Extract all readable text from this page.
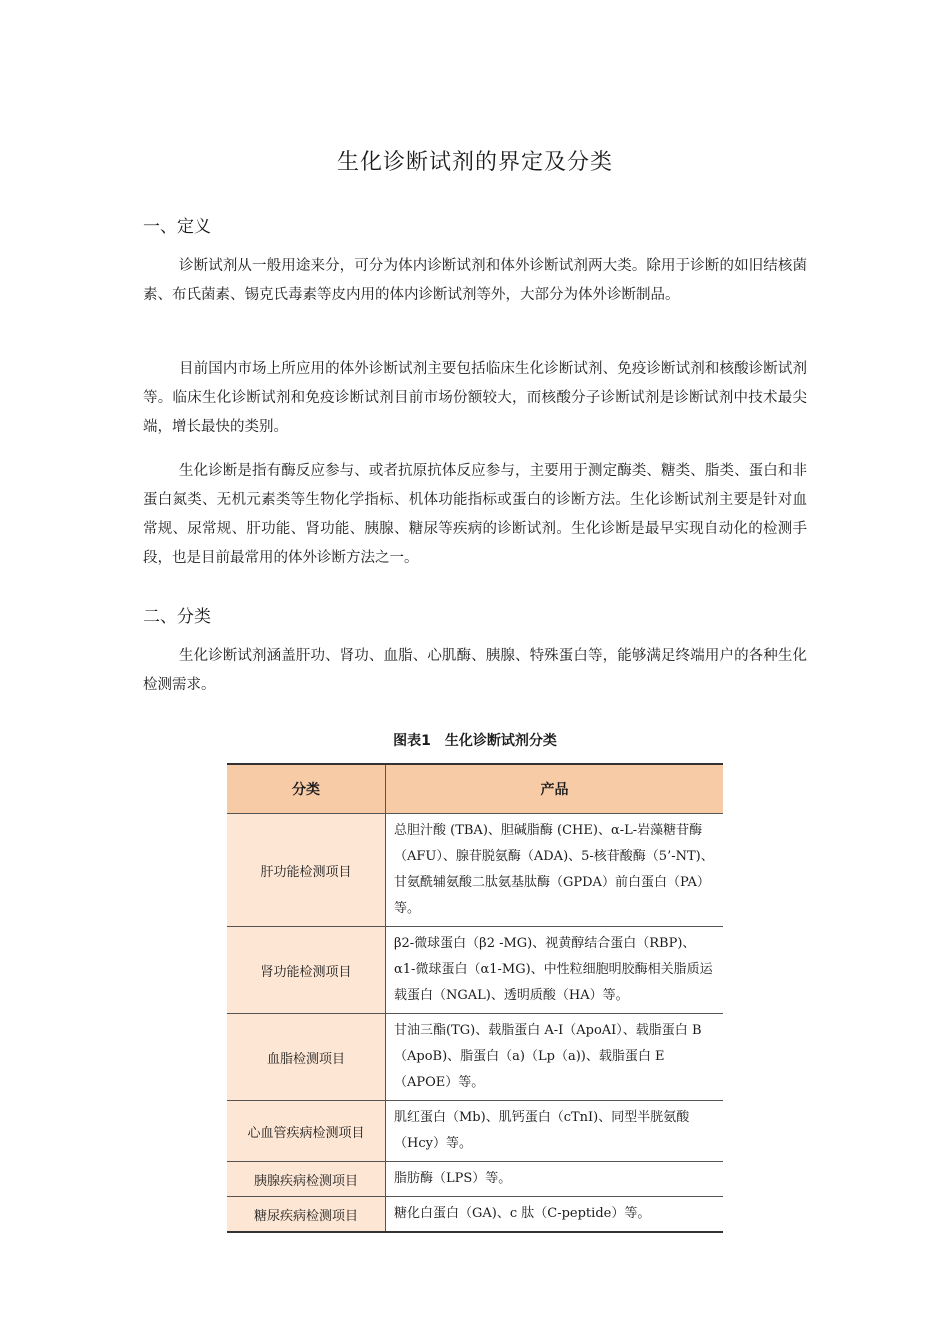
生化诊断试剂的界定及分类
一、定义

诊断试剂从一般用途来分，可分为体内诊断试剂和体外诊断试剂两大类。除用于诊断的如旧结核菌素、布氏菌素、锡克氏毒素等皮内用的体内诊断试剂等外，大部分为体外诊断制品。

目前国内市场上所应用的体外诊断试剂主要包括临床生化诊断试剂、免疫诊断试剂和核酸诊断试剂等。临床生化诊断试剂和免疫诊断试剂目前市场份额较大，而核酸分子诊断试剂是诊断试剂中技术最尖端，增长最快的类别。

生化诊断是指有酶反应参与、或者抗原抗体反应参与，主要用于测定酶类、糖类、脂类、蛋白和非蛋白氮类、无机元素类等生物化学指标、机体功能指标或蛋白的诊断方法。生化诊断试剂主要是针对血常规、尿常规、肝功能、肾功能、胰腺、糖尿等疾病的诊断试剂。生化诊断是最早实现自动化的检测手段，也是目前最常用的体外诊断方法之一。

二、分类

生化诊断试剂涵盖肝功、肾功、血脂、心肌酶、胰腺、特殊蛋白等，能够满足终端用户的各种生化检测需求。

图表1　生化诊断试剂分类
分类	产品
肝功能检测项目	总胆汁酸 (TBA)、胆碱脂酶 (CHE)、α-L-岩藻糖苷酶（AFU）、腺苷脱氨酶（ADA)、5-核苷酸酶（5’-NT)、甘氨酰辅氨酸二肽氨基肽酶（GPDA）前白蛋白（PA）等。
肾功能检测项目	β2-微球蛋白（β2 -MG)、视黄醇结合蛋白（RBP)、α1-微球蛋白（α1-MG)、中性粒细胞明胶酶相关脂质运载蛋白（NGAL)、透明质酸（HA）等。
血脂检测项目	甘油三酯(TG)、载脂蛋白 A-Ⅰ（ApoAⅠ）、载脂蛋白 B（ApoB)、脂蛋白（a)（Lp（a))、载脂蛋白 E（APOE）等。
心血管疾病检测项目	肌红蛋白（Mb)、肌钙蛋白（cTnI)、同型半胱氨酸（Hcy）等。
胰腺疾病检测项目	脂肪酶（LPS）等。
糖尿疾病检测项目	糖化白蛋白（GA)、c 肽（C-peptide）等。
